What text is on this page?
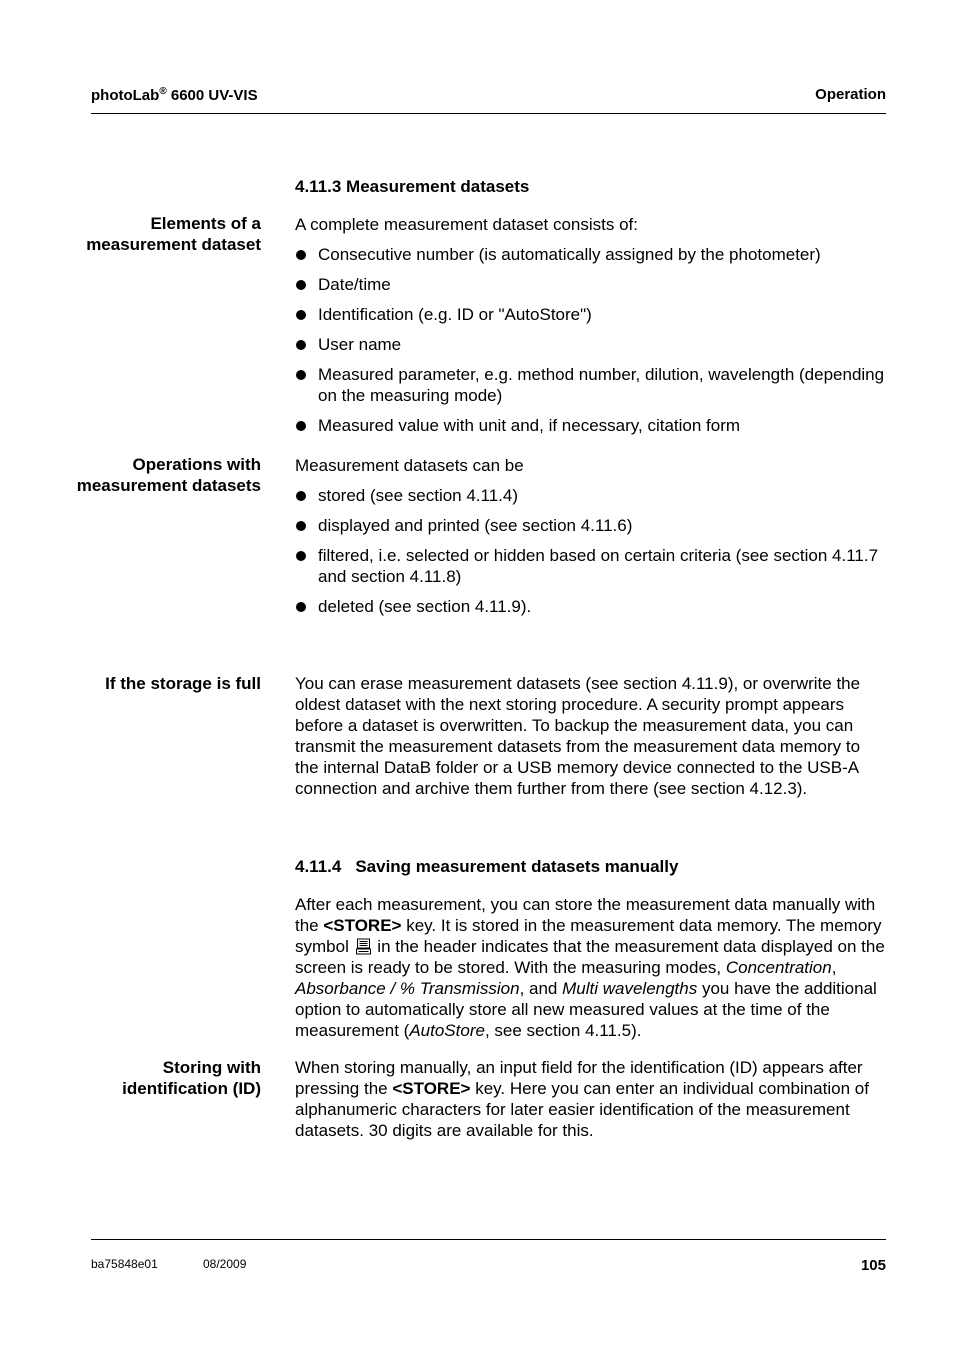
photoLab® 6600 UV-VIS	Operation
4.11.3 Measurement datasets
Elements of a measurement dataset

A complete measurement dataset consists of:

Consecutive number (is automatically assigned by the photometer)
Date/time
Identification (e.g. ID or "AutoStore")
User name
Measured parameter, e.g. method number, dilution, wavelength (depending on the measuring mode)
Measured value with unit and, if necessary, citation form
Operations with measurement datasets

Measurement datasets can be

stored (see section 4.11.4)
displayed and printed (see section 4.11.6)
filtered, i.e. selected or hidden based on certain criteria (see section 4.11.7 and section 4.11.8)
deleted (see section 4.11.9).
If the storage is full You can erase measurement datasets (see section 4.11.9), or overwrite the oldest dataset with the next storing procedure. A security prompt appears before a dataset is overwritten. To backup the measurement data, you can transmit the measurement datasets from the measurement data memory to the internal DataB folder or a USB memory device connected to the USB-A connection and archive them further from there (see section 4.12.3).
4.11.4 Saving measurement datasets manually
After each measurement, you can store the measurement data manually with the <STORE> key. It is stored in the measurement data memory. The memory symbol  in the header indicates that the measurement data displayed on the screen is ready to be stored. With the measuring modes, Concentration, Absorbance / % Transmission, and Multi wavelengths you have the additional option to automatically store all new measured values at the time of the measurement (AutoStore, see section 4.11.5).
Storing with identification (ID)
When storing manually, an input field for the identification (ID) appears after pressing the <STORE> key. Here you can enter an individual combination of alphanumeric characters for later easier identification of the measurement datasets. 30 digits are available for this.
ba75848e01	08/2009	105
